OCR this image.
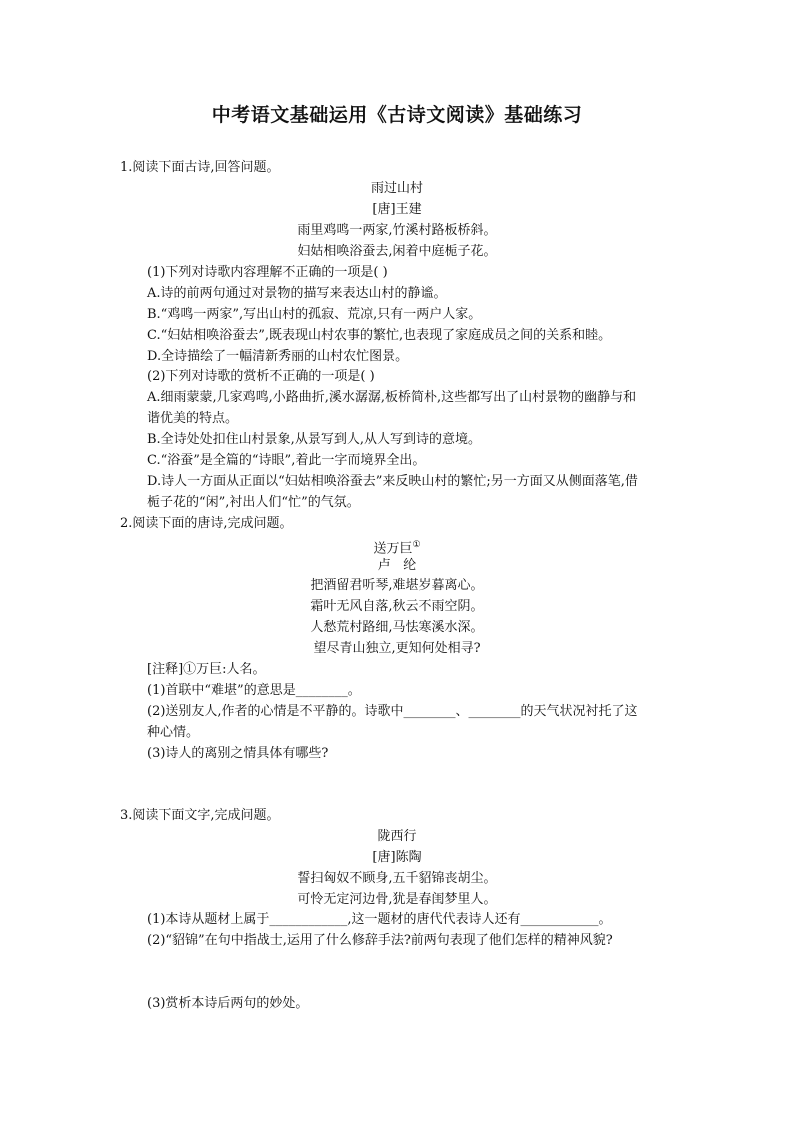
中考语文基础运用《古诗文阅读》基础练习
1.阅读下面古诗,回答问题。
雨过山村
[唐]王建
雨里鸡鸣一两家,竹溪村路板桥斜。
妇姑相唤浴蚕去,闲着中庭栀子花。
(1)下列对诗歌内容理解不正确的一项是( )
A.诗的前两句通过对景物的描写来表达山村的静谧。
B.“鸡鸣一两家”,写出山村的孤寂、荒凉,只有一两户人家。
C.“妇姑相唤浴蚕去”,既表现山村农事的繁忙,也表现了家庭成员之间的关系和睦。
D.全诗描绘了一幅清新秀丽的山村农忙图景。
(2)下列对诗歌的赏析不正确的一项是( )
A.细雨蒙蒙,几家鸡鸣,小路曲折,溪水潺潺,板桥简朴,这些都写出了山村景物的幽静与和
谐优美的特点。
B.全诗处处扣住山村景象,从景写到人,从人写到诗的意境。
C.“浴蚕”是全篇的“诗眼”,着此一字而境界全出。
D.诗人一方面从正面以“妇姑相唤浴蚕去”来反映山村的繁忙;另一方面又从侧面落笔,借
栀子花的“闲”,衬出人们“忙”的气氛。
2.阅读下面的唐诗,完成问题。
送万巨①
卢   纶
把酒留君听琴,难堪岁暮离心。
霜叶无风自落,秋云不雨空阴。
人愁荒村路细,马怯寒溪水深。
望尽青山独立,更知何处相寻?
[注释]①万巨:人名。
(1)首联中“难堪”的意思是________。
(2)送别友人,作者的心情是不平静的。诗歌中________、________的天气状况衬托了这
种心情。
(3)诗人的离别之情具体有哪些?
3.阅读下面文字,完成问题。
陇西行
[唐]陈陶
誓扫匈奴不顾身,五千貂锦丧胡尘。
可怜无定河边骨,犹是春闺梦里人。
(1)本诗从题材上属于____________,这一题材的唐代代表诗人还有____________。
(2)“貂锦”在句中指战士,运用了什么修辞手法?前两句表现了他们怎样的精神风貌?
(3)赏析本诗后两句的妙处。
